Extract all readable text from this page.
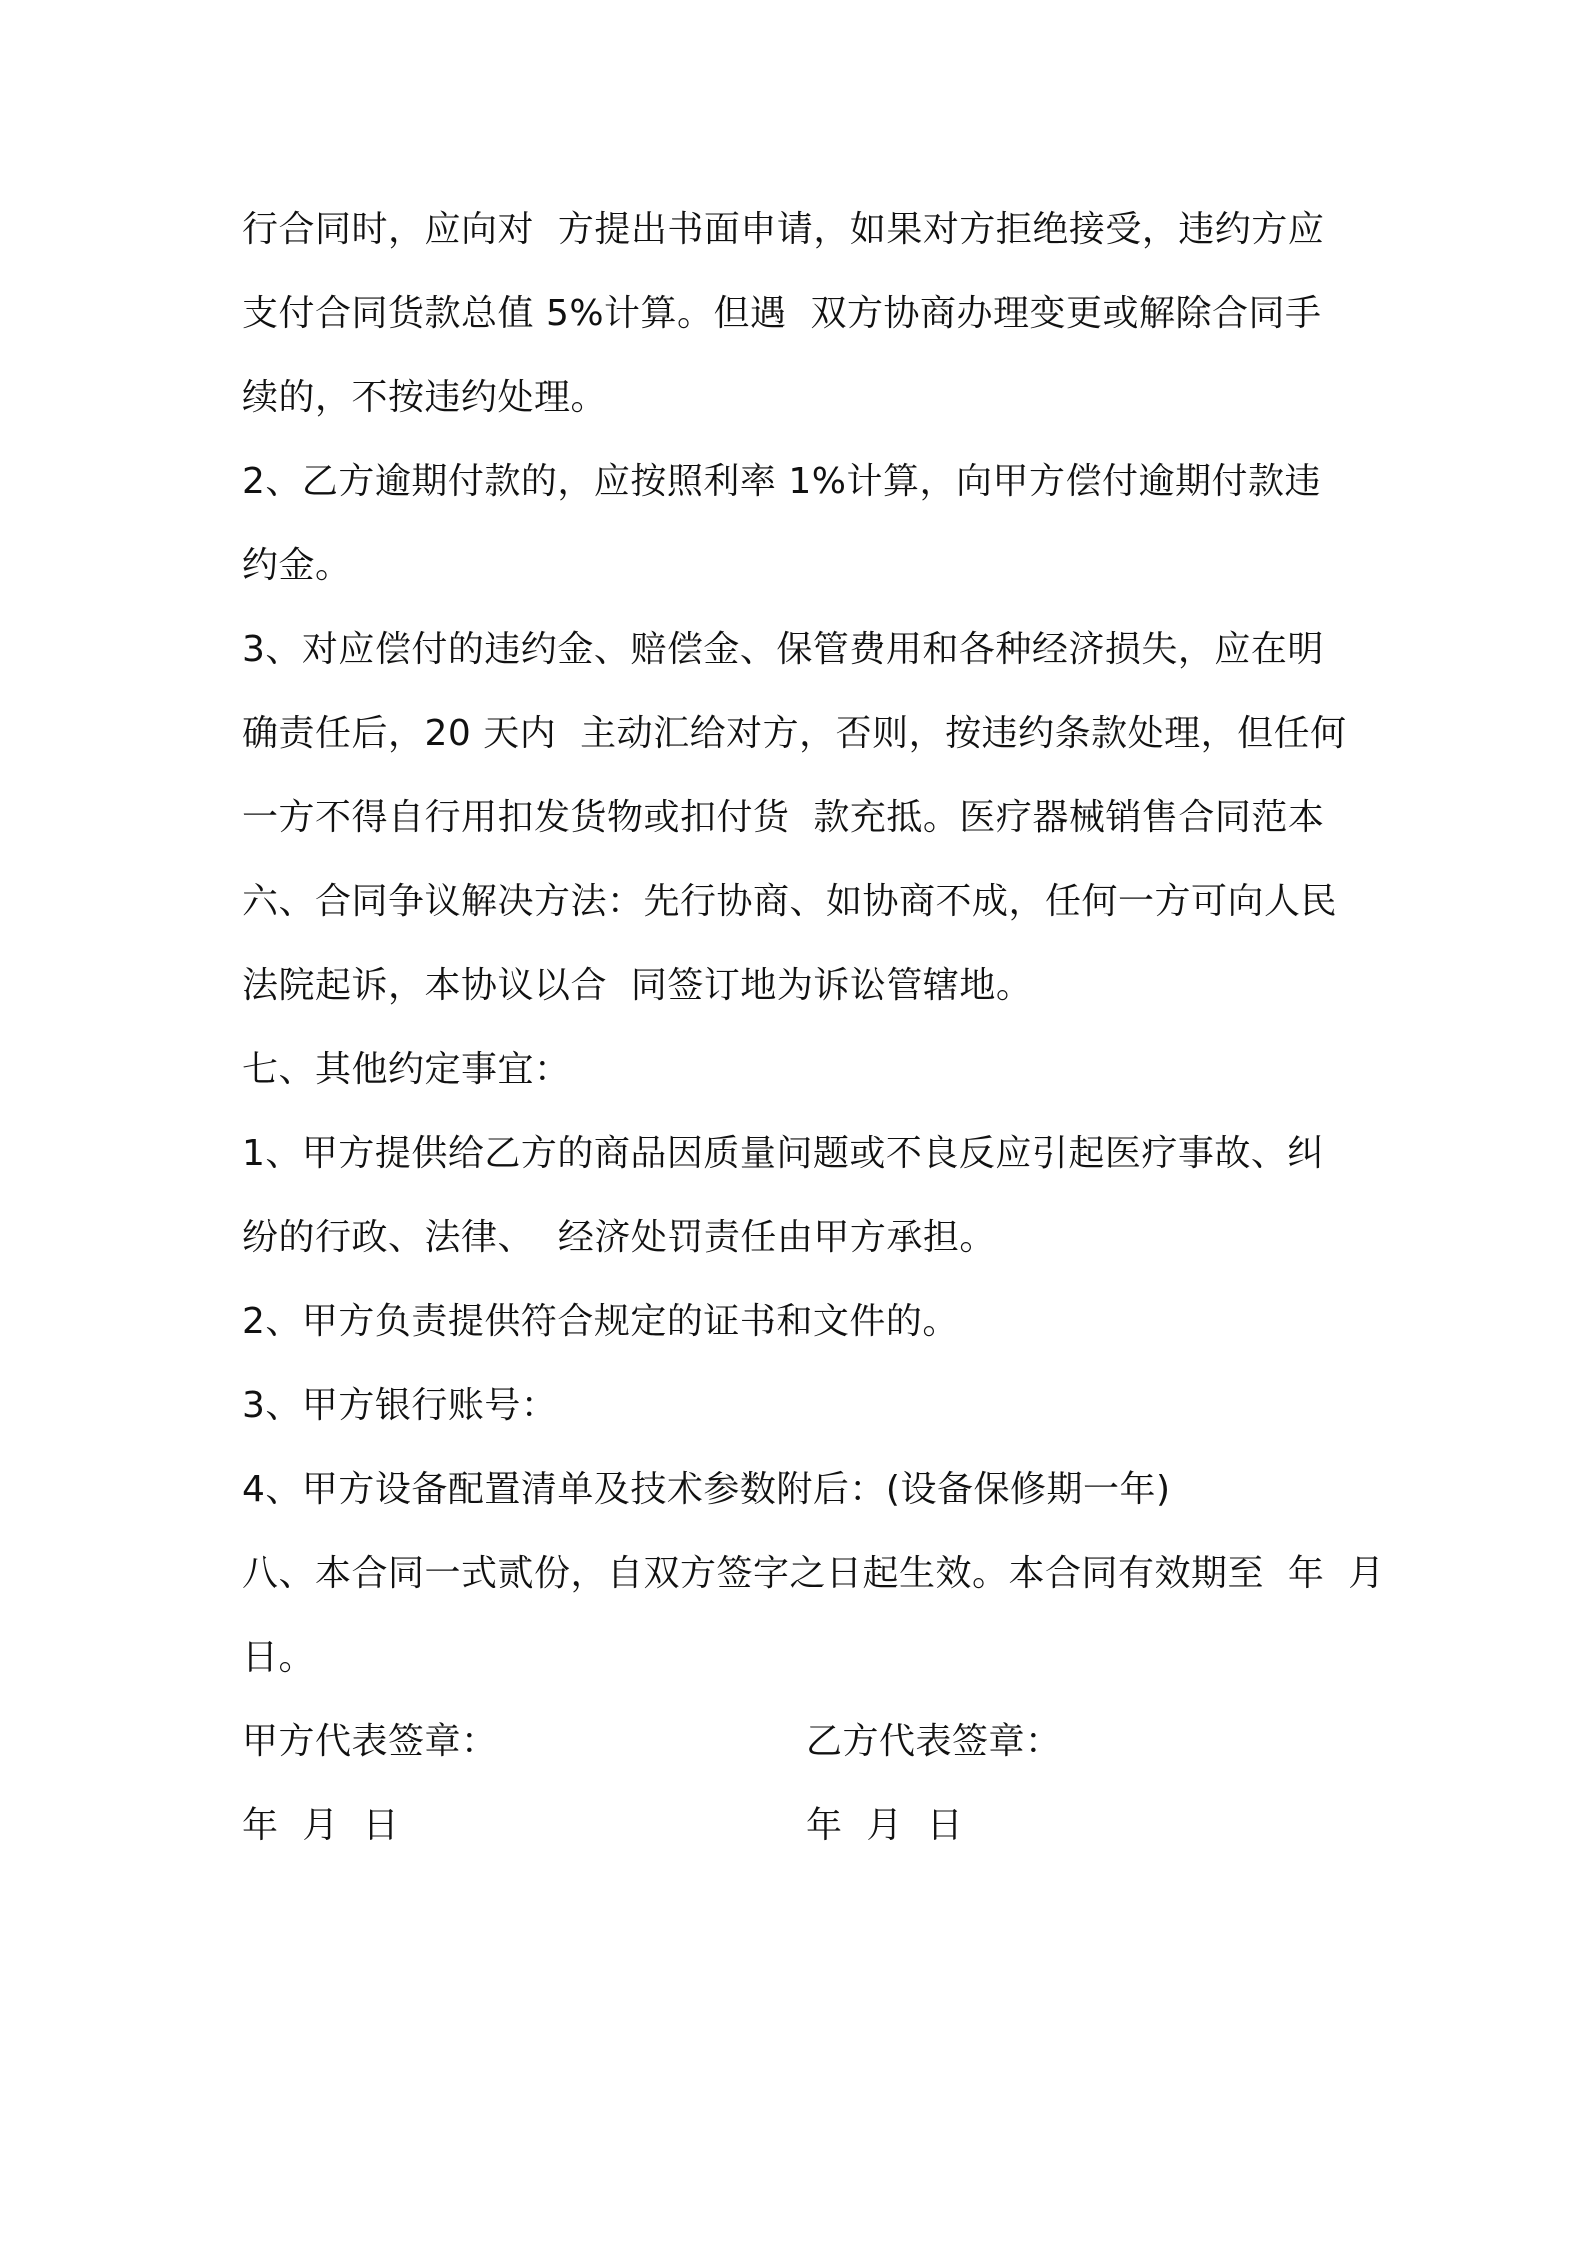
行合同时，应向对  方提出书面申请，如果对方拒绝接受，违约方应
支付合同货款总值 5%计算。但遇  双方协商办理变更或解除合同手
续的，不按违约处理。
2、乙方逾期付款的，应按照利率 1%计算，向甲方偿付逾期付款违
约金。
3、对应偿付的违约金、赔偿金、保管费用和各种经济损失，应在明
确责任后，20 天内  主动汇给对方，否则，按违约条款处理，但任何
一方不得自行用扣发货物或扣付货  款充抵。医疗器械销售合同范本
六、合同争议解决方法：先行协商、如协商不成，任何一方可向人民
法院起诉，本协议以合  同签订地为诉讼管辖地。
七、其他约定事宜：
1、甲方提供给乙方的商品因质量问题或不良反应引起医疗事故、纠
纷的行政、法律、  经济处罚责任由甲方承担。
2、甲方负责提供符合规定的证书和文件的。
3、甲方银行账号：
4、甲方设备配置清单及技术参数附后：(设备保修期一年)
八、本合同一式贰份，自双方签字之日起生效。本合同有效期至  年  月
日。
甲方代表签章：	乙方代表签章：
年  月  日	年  月  日
